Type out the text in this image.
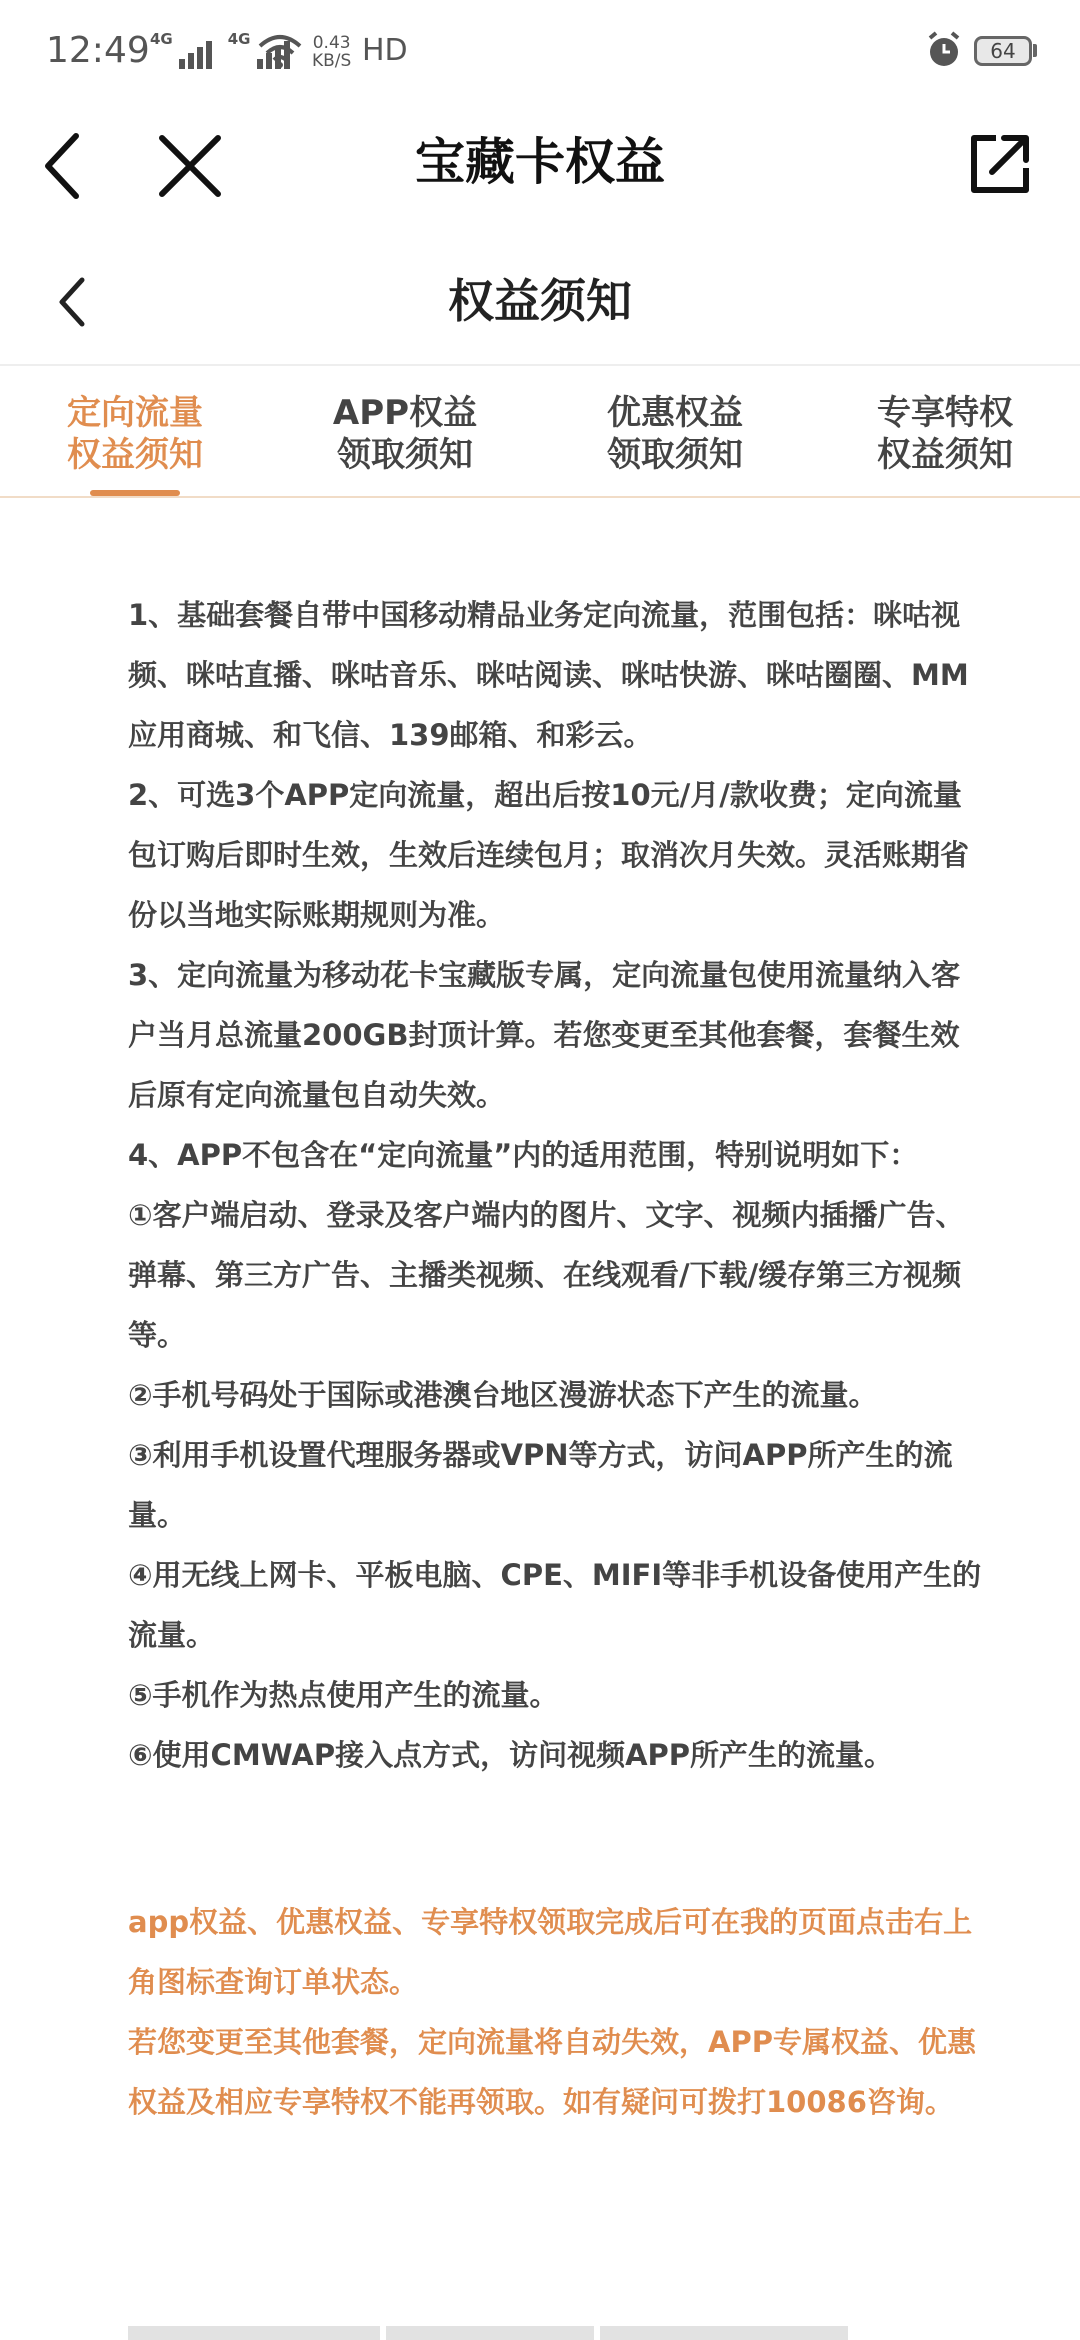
12:49 4G	4G	0.43
KB/S HD	64
宝藏卡权益
权益须知
定向流量
权益须知
APP权益
领取须知
优惠权益
领取须知
专享特权
权益须知

1、基础套餐自带中国移动精品业务定向流量，范围包括：咪咕视频、咪咕直播、咪咕音乐、咪咕阅读、咪咕快游、咪咕圈圈、MM应用商城、和飞信、139邮箱、和彩云。

2、可选3个APP定向流量，超出后按10元/月/款收费；定向流量包订购后即时生效，生效后连续包月；取消次月失效。灵活账期省份以当地实际账期规则为准。

3、定向流量为移动花卡宝藏版专属，定向流量包使用流量纳入客户当月总流量200GB封顶计算。若您变更至其他套餐，套餐生效后原有定向流量包自动失效。

4、APP不包含在“定向流量”内的适用范围，特别说明如下：

①客户端启动、登录及客户端内的图片、文字、视频内插播广告、弹幕、第三方广告、主播类视频、在线观看/下载/缓存第三方视频等。

②手机号码处于国际或港澳台地区漫游状态下产生的流量。

③利用手机设置代理服务器或VPN等方式，访问APP所产生的流量。

④用无线上网卡、平板电脑、CPE、MIFI等非手机设备使用产生的流量。

⑤手机作为热点使用产生的流量。

⑥使用CMWAP接入点方式，访问视频APP所产生的流量。

app权益、优惠权益、专享特权领取完成后可在我的页面点击右上角图标查询订单状态。

若您变更至其他套餐，定向流量将自动失效，APP专属权益、优惠权益及相应专享特权不能再领取。如有疑问可拨打10086咨询。
